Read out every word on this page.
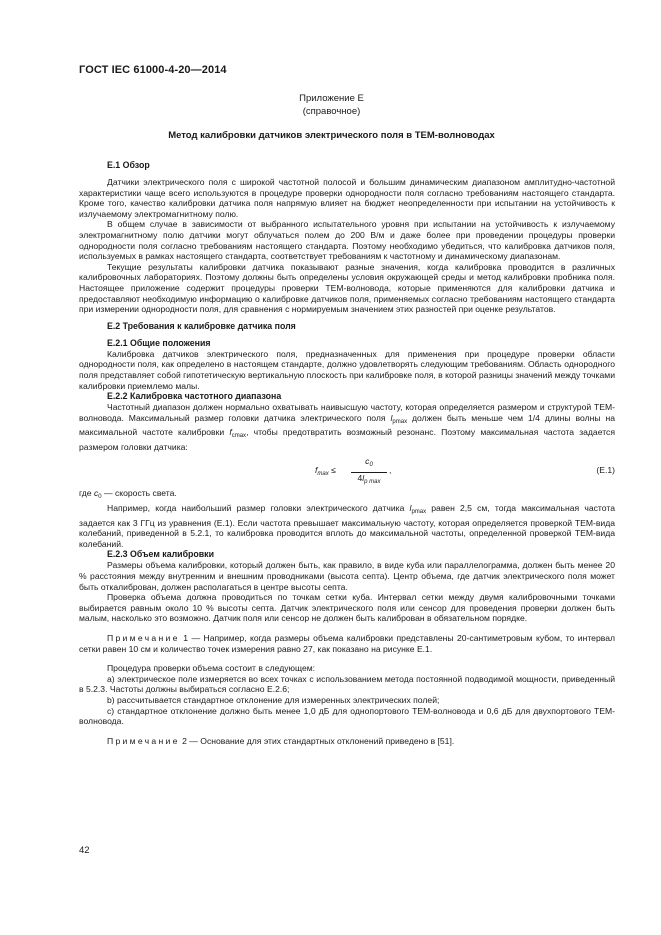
ГОСТ IEC 61000-4-20—2014
Приложение Е
(справочное)
Метод калибровки датчиков электрического поля в ТЕМ-волноводах
Е.1 Обзор

Датчики электрического поля с широкой частотной полосой и большим динамическим диапазоном амплитудно-частотной характеристики чаще всего используются в процедуре проверки однородности поля согласно требованиям настоящего стандарта. Кроме того, качество калибровки датчика поля напрямую влияет на бюджет неопределенности при испытании на устойчивость к излучаемому электромагнитному полю.

В общем случае в зависимости от выбранного испытательного уровня при испытании на устойчивость к излучаемому электромагнитному полю датчики могут облучаться полем до 200 В/м и даже более при проведении процедуры проверки однородности поля согласно требованиям настоящего стандарта. Поэтому необходимо убедиться, что калибровка датчиков поля, используемых в рамках настоящего стандарта, соответствует требованиям к частотному и динамическому диапазонам.

Текущие результаты калибровки датчика показывают разные значения, когда калибровка проводится в различных калибровочных лабораториях. Поэтому должны быть определены условия окружающей среды и метод калибровки пробника поля. Настоящее приложение содержит процедуры проверки ТЕМ-волновода, которые применяются для калибровки датчика и предоставляют необходимую информацию о калибровке датчиков поля, применяемых согласно требованиям настоящего стандарта при измерении однородности поля, для сравнения с нормируемым значением этих разностей при оценке результатов.

Е.2 Требования к калибровке датчика поля
Е.2.1 Общие положения

Калибровка датчиков электрического поля, предназначенных для применения при процедуре проверки области однородности поля, как определено в настоящем стандарте, должно удовлетворять следующим требованиям. Область однородного поля представляет собой гипотетическую вертикальную плоскость при калибровке поля, в которой разницы значений между точками калибровки приемлемо малы.

Е.2.2 Калибровка частотного диапазона

Частотный диапазон должен нормально охватывать наивысшую частоту, которая определяется размером и структурой ТЕМ-волновода. Максимальный размер головки датчика электрического поля $l_{pmax}$ должен быть меньше чем 1/4 длины волны на максимальной частоте калибровки $f_{cmax}$, чтобы предотвратить возможный резонанс. Поэтому максимальная частота задается размером головки датчика:

$f_{max}$ ≤
$c_0$
$4l_{p max}$
,	(Е.1)

где $c_0$ — скорость света.

Например, когда наибольший размер головки электрического датчика $l_{pmax}$ равен 2,5 см, тогда максимальная частота задается как 3 ГГц из уравнения (Е.1). Если частота превышает максимальную частоту, которая определяется проверкой ТЕМ-вида колебаний, приведенной в 5.2.1, то калибровка проводится вплоть до максимальной частоты, определенной проверкой ТЕМ-вида колебаний.

Е.2.3 Объем калибровки

Размеры объема калибровки, который должен быть, как правило, в виде куба или параллелограмма, должен быть менее 20 % расстояния между внутренним и внешним проводниками (высота септа). Центр объема, где датчик электрического поля может быть откалиброван, должен располагаться в центре высоты септа.

Проверка объема должна проводиться по точкам сетки куба. Интервал сетки между двумя калибровочными точками выбирается равным около 10 % высоты септа. Датчик электрического поля или сенсор для проведения проверки должен быть малым, насколько это возможно. Датчик поля или сенсор не должен быть калиброван в обязательном порядке.

Примечание 1 — Например, когда размеры объема калибровки представлены 20-сантиметровым кубом, то интервал сетки равен 10 см и количество точек измерения равно 27, как показано на рисунке Е.1.

Процедура проверки объема состоит в следующем:

а) электрическое поле измеряется во всех точках с использованием метода постоянной подводимой мощности, приведенный в 5.2.3. Частоты должны выбираться согласно Е.2.6;

b) рассчитывается стандартное отклонение для измеренных электрических полей;

с) стандартное отклонение должно быть менее 1,0 дБ для однопортового ТЕМ-волновода и 0,6 дБ для двухпортового ТЕМ-волновода.

Примечание 2 — Основание для этих стандартных отклонений приведено в [51].

42
